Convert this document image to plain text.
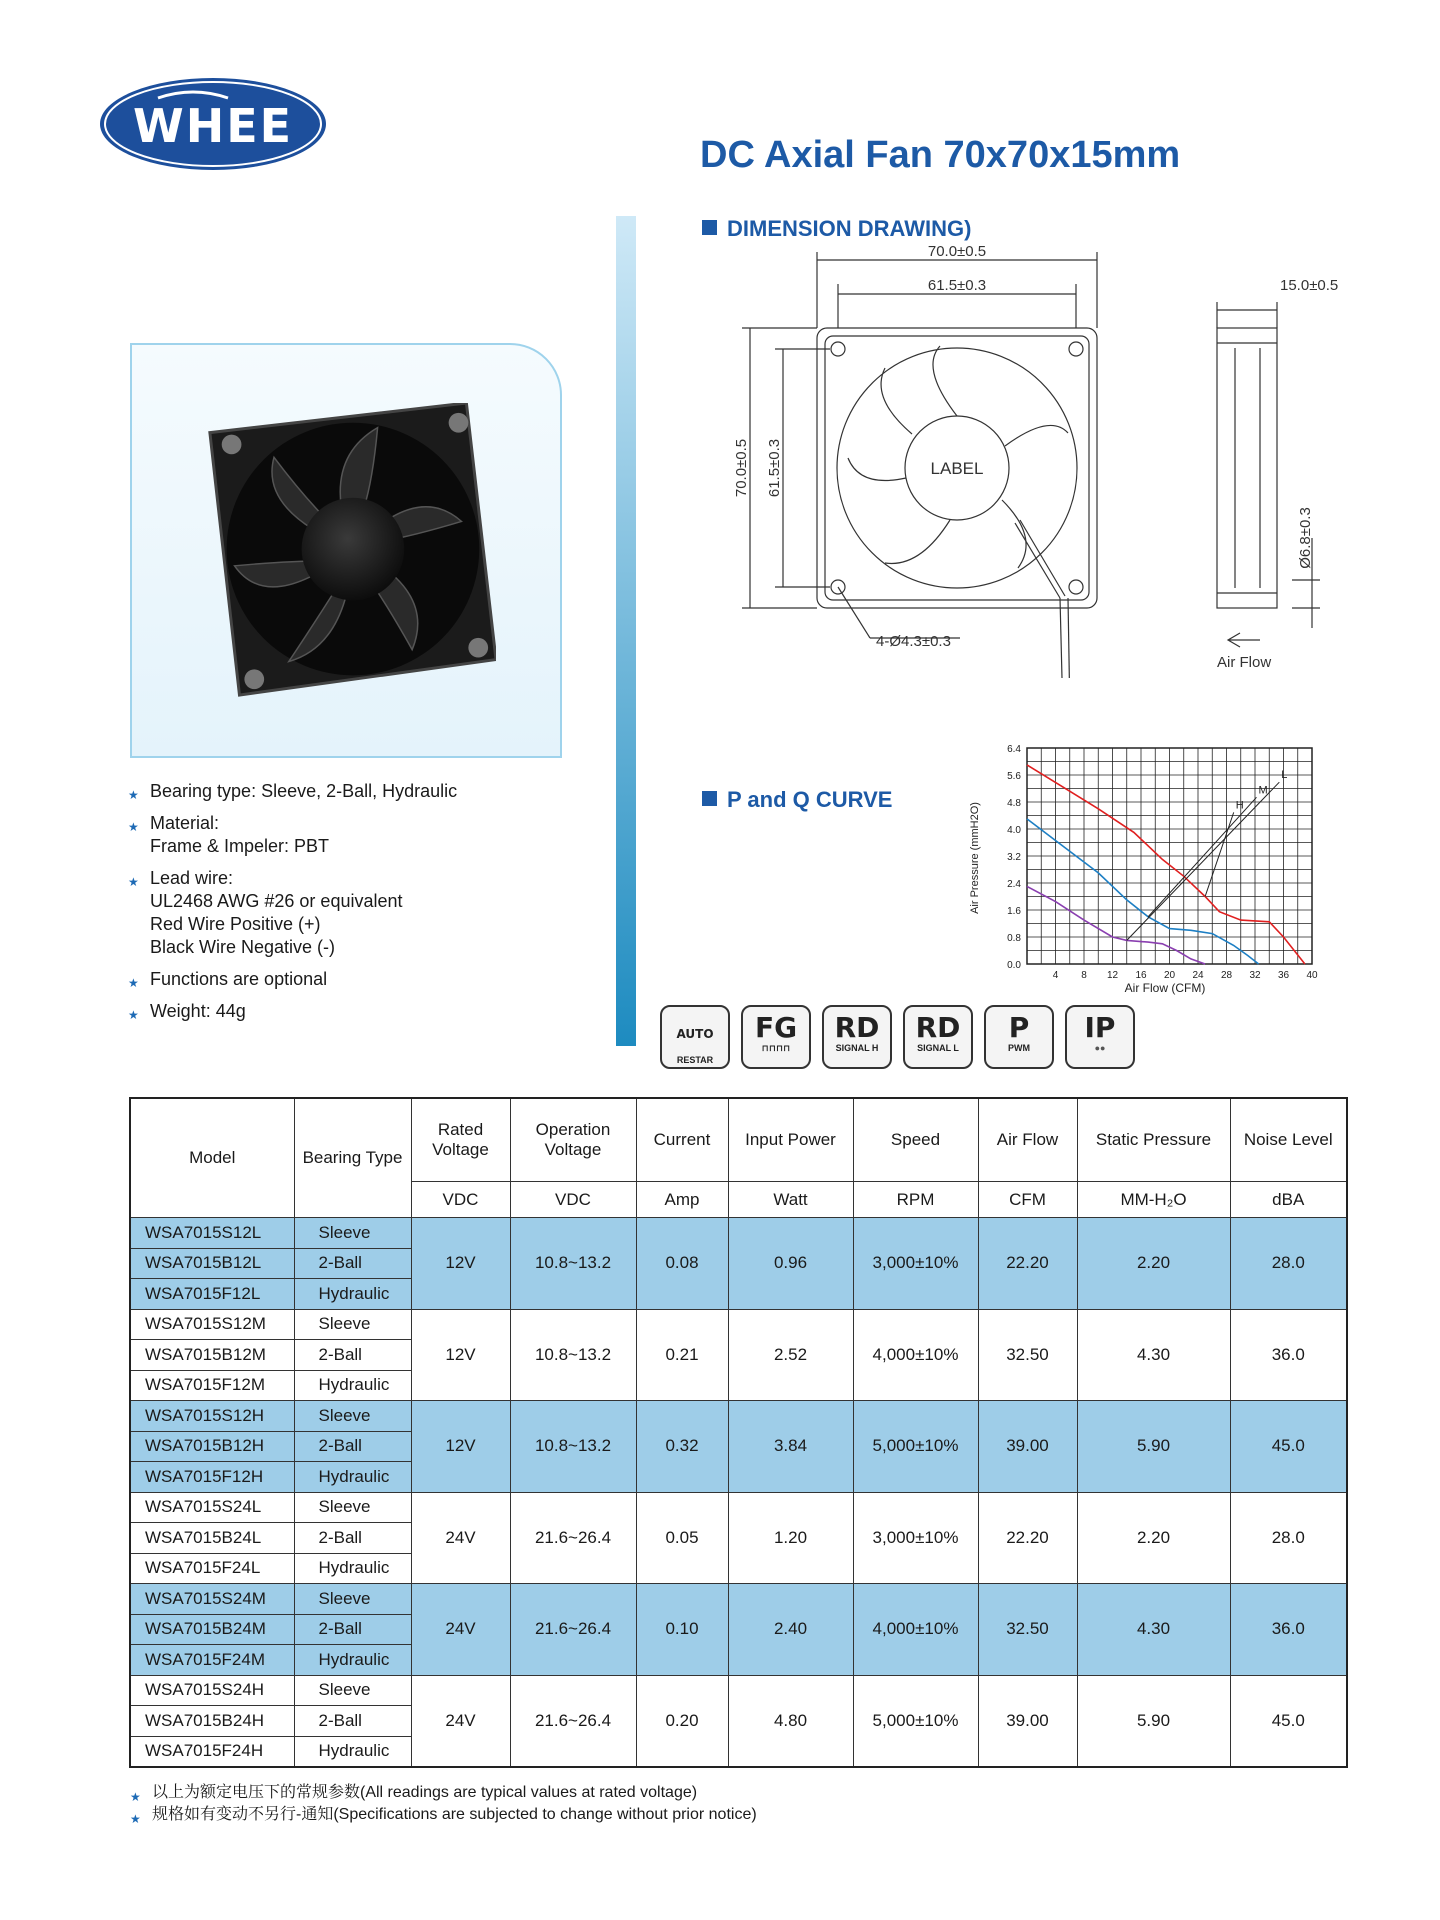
WHEE
DC Axial Fan 70x70x15mm
★ Bearing type: Sleeve, 2-Ball, Hydraulic
★ Material:
Frame & Impeler: PBT
★ Lead wire:
UL2468 AWG #26 or equivalent
Red Wire Positive (+)
Black Wire Negative (-)
★ Functions are optional
★ Weight: 44g
DIMENSION DRAWING)
P and Q CURVE
70.0±0.5
61.5±0.3
70.0±0.5 61.5±0.3
15.0±0.5
4-Ø4.3±0.3
Ø6.8±0.3
LABEL
Air Flow
H
M
L
4 8 12 16 20 24 28 32 36 40
0.0
0.8
1.6
2.4
3.2
4.0
4.8
5.6
6.4
Air Flow (CFM)
Air Pressure (mmH2O)
AUTO
RESTAR
FG
⊓⊓⊓⊓
RD
SIGNAL H
RD
SIGNAL L
P
PWM
IP
●●
Model	Bearing Type	Rated Voltage	Operation Voltage	Current	Input Power	Speed	Air Flow	Static Pressure	Noise Level
		VDC	VDC	Amp	Watt	RPM	CFM	MM-H₂O	dBA
WSA7015S12L	Sleeve	12V	10.8~13.2	0.08	0.96	3,000±10%	22.20	2.20	28.0
WSA7015B12L	2-Ball								
WSA7015F12L	Hydraulic								
WSA7015S12M	Sleeve	12V	10.8~13.2	0.21	2.52	4,000±10%	32.50	4.30	36.0
WSA7015B12M	2-Ball								
WSA7015F12M	Hydraulic								
WSA7015S12H	Sleeve	12V	10.8~13.2	0.32	3.84	5,000±10%	39.00	5.90	45.0
WSA7015B12H	2-Ball								
WSA7015F12H	Hydraulic								
WSA7015S24L	Sleeve	24V	21.6~26.4	0.05	1.20	3,000±10%	22.20	2.20	28.0
WSA7015B24L	2-Ball								
WSA7015F24L	Hydraulic								
WSA7015S24M	Sleeve	24V	21.6~26.4	0.10	2.40	4,000±10%	32.50	4.30	36.0
WSA7015B24M	2-Ball								
WSA7015F24M	Hydraulic								
WSA7015S24H	Sleeve	24V	21.6~26.4	0.20	4.80	5,000±10%	39.00	5.90	45.0
WSA7015B24H	2-Ball								
WSA7015F24H	Hydraulic								
★ 以上为额定电压下的常规参数(All readings are typical values at rated voltage)
★ 规格如有变动不另行-通知(Specifications are subjected to change without prior notice)
